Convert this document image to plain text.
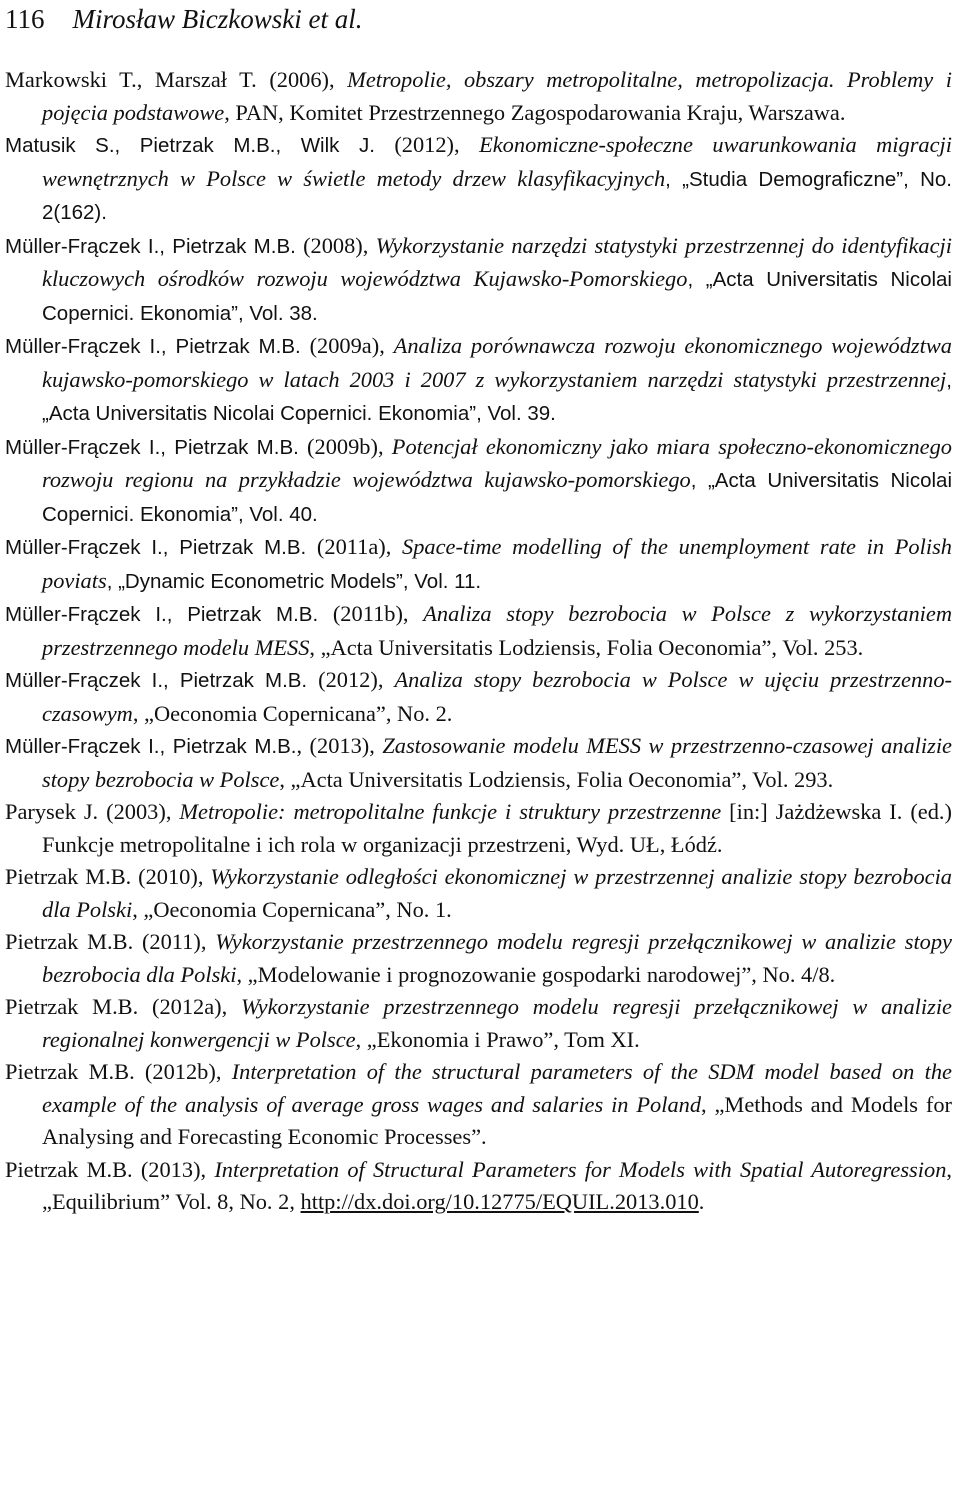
116 Mirosław Biczkowski et al.
Markowski T., Marszał T. (2006), Metropolie, obszary metropolitalne, metropolizacja. Problemy i pojęcia podstawowe, PAN, Komitet Przestrzennego Zagospodarowania Kraju, Warszawa.
Matusik S., Pietrzak M.B., Wilk J. (2012), Ekonomiczne-społeczne uwarunkowania migracji wewnętrznych w Polsce w świetle metody drzew klasyfikacyjnych, „Studia Demograficzne”, No. 2(162).
Müller-Frączek I., Pietrzak M.B. (2008), Wykorzystanie narzędzi statystyki przestrzennej do identyfikacji kluczowych ośrodków rozwoju województwa Kujawsko-Pomorskiego, „Acta Universitatis Nicolai Copernici. Ekonomia”, Vol. 38.
Müller-Frączek I., Pietrzak M.B. (2009a), Analiza porównawcza rozwoju ekonomicznego województwa kujawsko-pomorskiego w latach 2003 i 2007 z wykorzystaniem narzędzi statystyki przestrzennej, „Acta Universitatis Nicolai Copernici. Ekonomia”, Vol. 39.
Müller-Frączek I., Pietrzak M.B. (2009b), Potencjał ekonomiczny jako miara społeczno-ekonomicznego rozwoju regionu na przykładzie województwa kujawsko-pomorskiego, „Acta Universitatis Nicolai Copernici. Ekonomia”, Vol. 40.
Müller-Frączek I., Pietrzak M.B. (2011a), Space-time modelling of the unemployment rate in Polish poviats, „Dynamic Econometric Models”, Vol. 11.
Müller-Frączek I., Pietrzak M.B. (2011b), Analiza stopy bezrobocia w Polsce z wykorzystaniem przestrzennego modelu MESS, „Acta Universitatis Lodziensis, Folia Oeconomia”, Vol. 253.
Müller-Frączek I., Pietrzak M.B. (2012), Analiza stopy bezrobocia w Polsce w ujęciu przestrzenno-czasowym, „Oeconomia Copernicana”, No. 2.
Müller-Frączek I., Pietrzak M.B., (2013), Zastosowanie modelu MESS w przestrzenno-czasowej analizie stopy bezrobocia w Polsce, „Acta Universitatis Lodziensis, Folia Oeconomia”, Vol. 293.
Parysek J. (2003), Metropolie: metropolitalne funkcje i struktury przestrzenne [in:] Jażdżewska I. (ed.) Funkcje metropolitalne i ich rola w organizacji przestrzeni, Wyd. UŁ, Łódź.
Pietrzak M.B. (2010), Wykorzystanie odległości ekonomicznej w przestrzennej analizie stopy bezrobocia dla Polski, „Oeconomia Copernicana”, No. 1.
Pietrzak M.B. (2011), Wykorzystanie przestrzennego modelu regresji przełącznikowej w analizie stopy bezrobocia dla Polski, „Modelowanie i prognozowanie gospodarki narodowej”, No. 4/8.
Pietrzak M.B. (2012a), Wykorzystanie przestrzennego modelu regresji przełącznikowej w analizie regionalnej konwergencji w Polsce, „Ekonomia i Prawo”, Tom XI.
Pietrzak M.B. (2012b), Interpretation of the structural parameters of the SDM model based on the example of the analysis of average gross wages and salaries in Poland, „Methods and Models for Analysing and Forecasting Economic Processes”.
Pietrzak M.B. (2013), Interpretation of Structural Parameters for Models with Spatial Autoregression, „Equilibrium” Vol. 8, No. 2, http://dx.doi.org/10.12775/EQUIL.2013.010.
